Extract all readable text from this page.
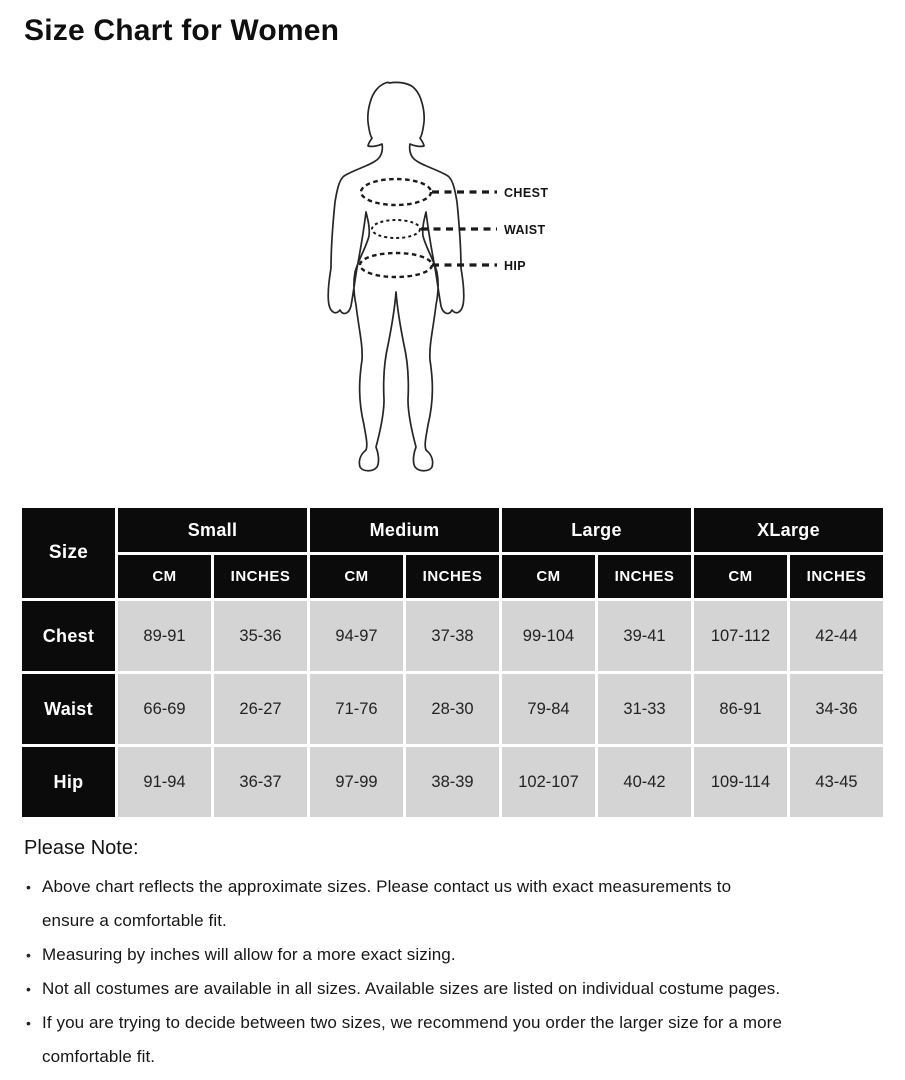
Size Chart for Women
CHEST
WAIST
HIP
Size	Small		Medium		Large		XLarge	
	CM	INCHES	CM	INCHES	CM	INCHES	CM	INCHES
Chest	89-91	35-36	94-97	37-38	99-104	39-41	107-112	42-44
Waist	66-69	26-27	71-76	28-30	79-84	31-33	86-91	34-36
Hip	91-94	36-37	97-99	38-39	102-107	40-42	109-114	43-45

Please Note:

• Above chart reflects the approximate sizes. Please contact us with exact measurements to
ensure a comfortable fit.
• Measuring by inches will allow for a more exact sizing.
• Not all costumes are available in all sizes. Available sizes are listed on individual costume pages.
• If you are trying to decide between two sizes, we recommend you order the larger size for a more
comfortable fit.
